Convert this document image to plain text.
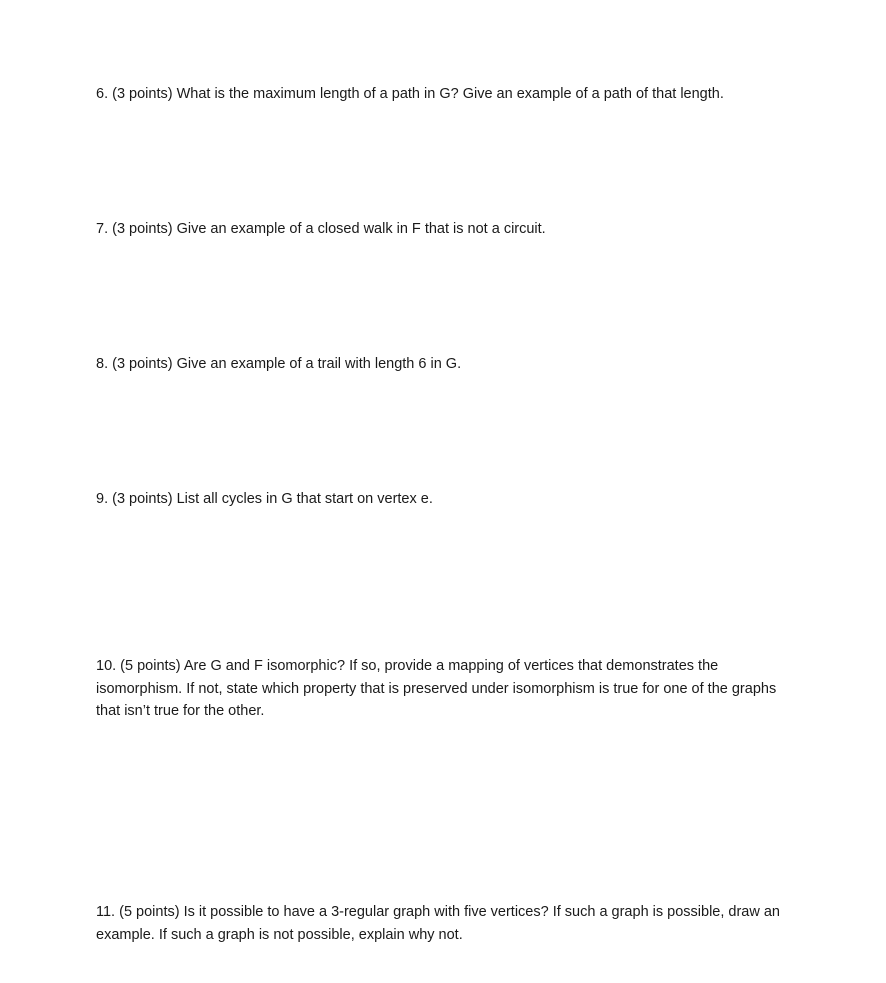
6. (3 points) What is the maximum length of a path in G? Give an example of a path of that length.

7. (3 points) Give an example of a closed walk in F that is not a circuit.

8. (3 points) Give an example of a trail with length 6 in G.

9. (3 points) List all cycles in G that start on vertex e.

10. (5 points) Are G and F isomorphic? If so, provide a mapping of vertices that demonstrates the isomorphism. If not, state which property that is preserved under isomorphism is true for one of the graphs that isn’t true for the other.

11. (5 points) Is it possible to have a 3-regular graph with five vertices? If such a graph is possible, draw an example. If such a graph is not possible, explain why not.
